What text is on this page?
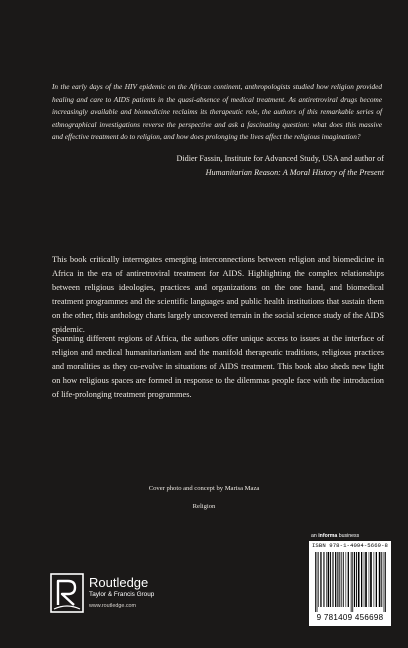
In the early days of the HIV epidemic on the African continent, anthropologists studied how religion provided healing and care to AIDS patients in the quasi-absence of medical treatment. As antiretroviral drugs become increasingly available and biomedicine reclaims its therapeutic role, the authors of this remarkable series of ethnographical investigations reverse the perspective and ask a fascinating question: what does this massive and effective treatment do to religion, and how does prolonging the lives affect the religious imagination?
Didier Fassin, Institute for Advanced Study, USA and author of
Humanitarian Reason: A Moral History of the Present
This book critically interrogates emerging interconnections between religion and biomedicine in Africa in the era of antiretroviral treatment for AIDS. Highlighting the complex relationships between religious ideologies, practices and organizations on the one hand, and biomedical treatment programmes and the scientific languages and public health institutions that sustain them on the other, this anthology charts largely uncovered terrain in the social science study of the AIDS epidemic.
Spanning different regions of Africa, the authors offer unique access to issues at the interface of religion and medical humanitarianism and the manifold therapeutic traditions, religious practices and moralities as they co-evolve in situations of AIDS treatment. This book also sheds new light on how religious spaces are formed in response to the dilemmas people face with the introduction of life-prolonging treatment programmes.
Cover photo and concept by Marisa Maza
Religion
an informa business
Routledge
Taylor & Francis Group
www.routledge.com
ISBN 978-1-4094-5669-8
9 781409 456698
